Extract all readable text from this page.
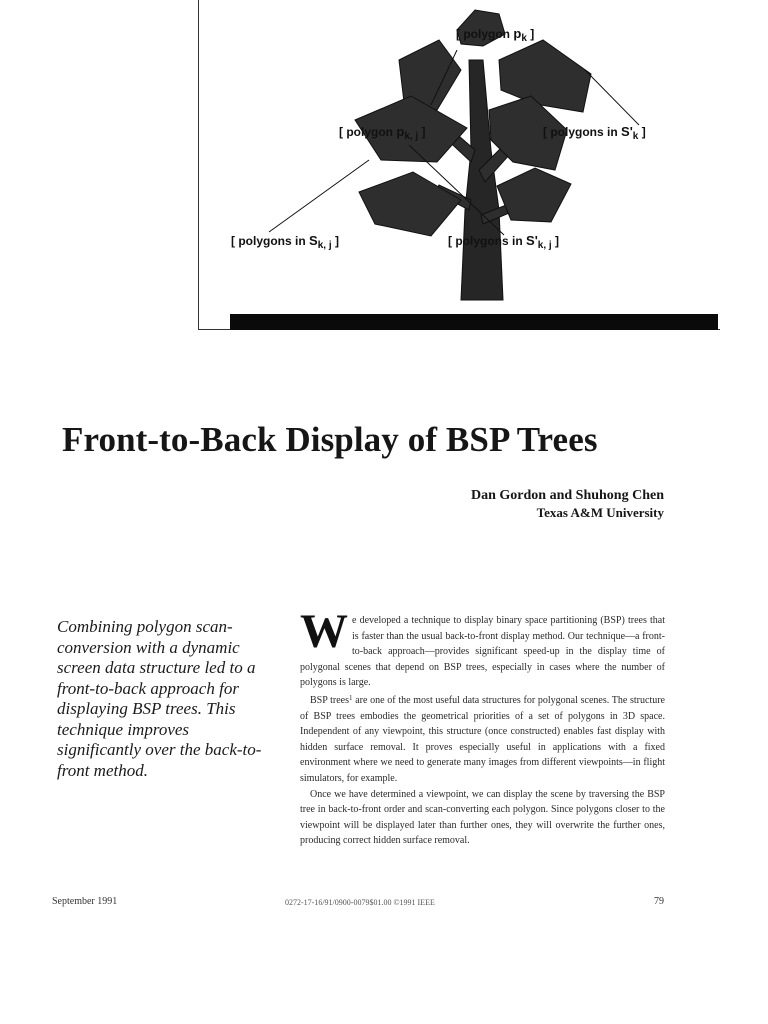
[ polygon $p_k$ ]
[ polygon $p_{k, j}$ ]	[ polygons in $S'_k$ ]
[ polygons in $S_{k, j}$ ]	[ polygons in $S'_{k, j}$ ]
Front-to-Back Display of BSP Trees
Dan Gordon and Shuhong Chen
Texas A&M University
Combining polygon scan-conversion with a dynamic screen data structure led to a front-to-back approach for displaying BSP trees. This technique improves significantly over the back-to-front method.

We developed a technique to display binary space partitioning (BSP) trees that is faster than the usual back-to-front display method. Our technique—a front-to-back approach—provides significant speed-up in the display time of polygonal scenes that depend on BSP trees, especially in cases where the number of polygons is large.

BSP trees$^1$ are one of the most useful data structures for polygonal scenes. The structure of BSP trees embodies the geometrical priorities of a set of polygons in 3D space. Independent of any viewpoint, this structure (once constructed) enables fast display with hidden surface removal. It proves especially useful in applications with a fixed environment where we need to generate many images from different viewpoints—in flight simulators, for example.

Once we have determined a viewpoint, we can display the scene by traversing the BSP tree in back-to-front order and scan-converting each polygon. Since polygons closer to the viewpoint will be displayed later than further ones, they will overwrite the further ones, producing correct hidden surface removal.

September 1991	0272-17-16/91/0900-0079$01.00 ©1991 IEEE	79
